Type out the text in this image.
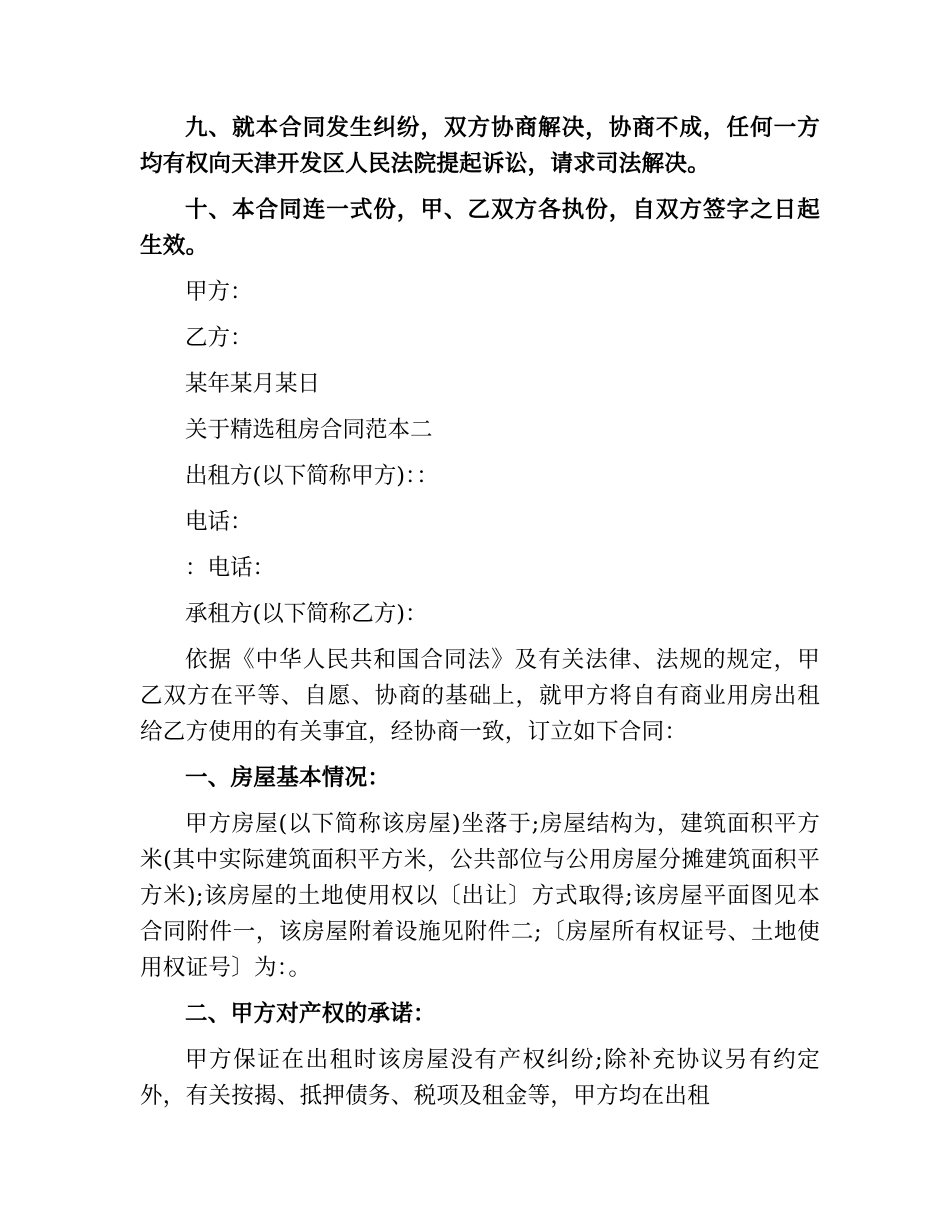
九、就本合同发生纠纷，双方协商解决，协商不成，任何一方均有权向天津开发区人民法院提起诉讼，请求司法解决。

十、本合同连一式份，甲、乙双方各执份，自双方签字之日起生效。

甲方：

乙方：

某年某月某日

关于精选租房合同范本二

出租方(以下简称甲方)：：

电话：

：电话：

承租方(以下简称乙方)：

依据《中华人民共和国合同法》及有关法律、法规的规定，甲乙双方在平等、自愿、协商的基础上，就甲方将自有商业用房出租给乙方使用的有关事宜，经协商一致，订立如下合同：

一、房屋基本情况：

甲方房屋(以下简称该房屋)坐落于;房屋结构为，建筑面积平方米(其中实际建筑面积平方米，公共部位与公用房屋分摊建筑面积平方米);该房屋的土地使用权以〔出让〕方式取得;该房屋平面图见本合同附件一，该房屋附着设施见附件二;〔房屋所有权证号、土地使用权证号〕为：。

二、甲方对产权的承诺：

甲方保证在出租时该房屋没有产权纠纷;除补充协议另有约定外，有关按揭、抵押债务、税项及租金等，甲方均在出租
